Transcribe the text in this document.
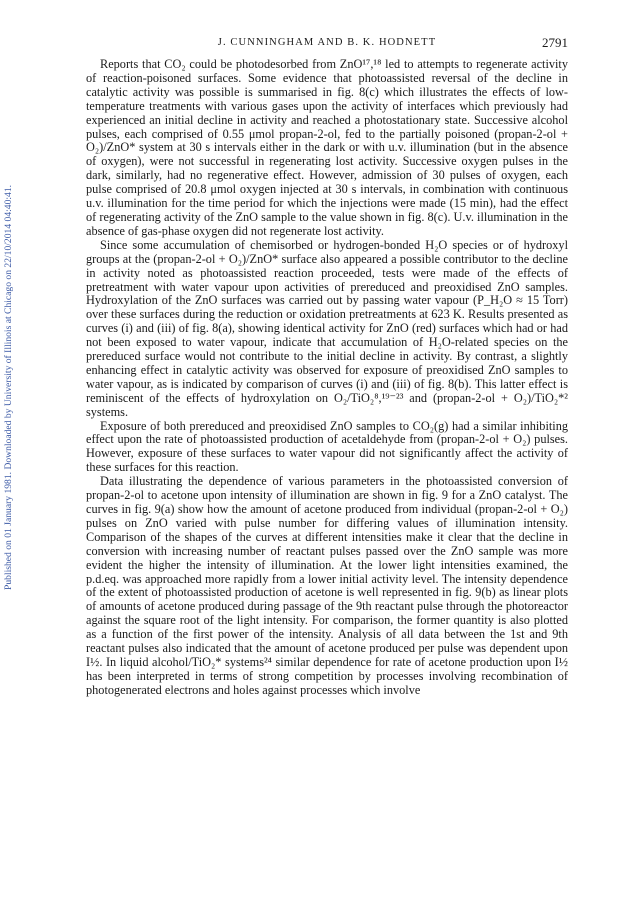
Published on 01 January 1981. Downloaded by University of Illinois at Chicago on 22/10/2014 04:40:41.
J. CUNNINGHAM AND B. K. HODNETT	2791

Reports that CO₂ could be photodesorbed from ZnO¹⁷,¹⁸ led to attempts to regenerate activity of reaction-poisoned surfaces. Some evidence that photoassisted reversal of the decline in catalytic activity was possible is summarised in fig. 8(c) which illustrates the effects of low-temperature treatments with various gases upon the activity of interfaces which previously had experienced an initial decline in activity and reached a photostationary state. Successive alcohol pulses, each comprised of 0.55 μmol propan-2-ol, fed to the partially poisoned (propan-2-ol + O₂)/ZnO* system at 30 s intervals either in the dark or with u.v. illumination (but in the absence of oxygen), were not successful in regenerating lost activity. Successive oxygen pulses in the dark, similarly, had no regenerative effect. However, admission of 30 pulses of oxygen, each pulse comprised of 20.8 μmol oxygen injected at 30 s intervals, in combination with continuous u.v. illumination for the time period for which the injections were made (15 min), had the effect of regenerating activity of the ZnO sample to the value shown in fig. 8(c). U.v. illumination in the absence of gas-phase oxygen did not regenerate lost activity.

Since some accumulation of chemisorbed or hydrogen-bonded H₂O species or of hydroxyl groups at the (propan-2-ol + O₂)/ZnO* surface also appeared a possible contributor to the decline in activity noted as photoassisted reaction proceeded, tests were made of the effects of pretreatment with water vapour upon activities of prereduced and preoxidised ZnO samples. Hydroxylation of the ZnO surfaces was carried out by passing water vapour (P_H₂O ≈ 15 Torr) over these surfaces during the reduction or oxidation pretreatments at 623 K. Results presented as curves (i) and (iii) of fig. 8(a), showing identical activity for ZnO (red) surfaces which had or had not been exposed to water vapour, indicate that accumulation of H₂O-related species on the prereduced surface would not contribute to the initial decline in activity. By contrast, a slightly enhancing effect in catalytic activity was observed for exposure of preoxidised ZnO samples to water vapour, as is indicated by comparison of curves (i) and (iii) of fig. 8(b). This latter effect is reminiscent of the effects of hydroxylation on O₂/TiO₂⁸,¹⁹⁻²³ and (propan-2-ol + O₂)/TiO₂*² systems.

Exposure of both prereduced and preoxidised ZnO samples to CO₂(g) had a similar inhibiting effect upon the rate of photoassisted production of acetaldehyde from (propan-2-ol + O₂) pulses. However, exposure of these surfaces to water vapour did not significantly affect the activity of these surfaces for this reaction.

Data illustrating the dependence of various parameters in the photoassisted conversion of propan-2-ol to acetone upon intensity of illumination are shown in fig. 9 for a ZnO catalyst. The curves in fig. 9(a) show how the amount of acetone produced from individual (propan-2-ol + O₂) pulses on ZnO varied with pulse number for differing values of illumination intensity. Comparison of the shapes of the curves at different intensities make it clear that the decline in conversion with increasing number of reactant pulses passed over the ZnO sample was more evident the higher the intensity of illumination. At the lower light intensities examined, the p.d.eq. was approached more rapidly from a lower initial activity level. The intensity dependence of the extent of photoassisted production of acetone is well represented in fig. 9(b) as linear plots of amounts of acetone produced during passage of the 9th reactant pulse through the photoreactor against the square root of the light intensity. For comparison, the former quantity is also plotted as a function of the first power of the intensity. Analysis of all data between the 1st and 9th reactant pulses also indicated that the amount of acetone produced per pulse was dependent upon I½. In liquid alcohol/TiO₂* systems²⁴ similar dependence for rate of acetone production upon I½ has been interpreted in terms of strong competition by processes involving recombination of photogenerated electrons and holes against processes which involve
